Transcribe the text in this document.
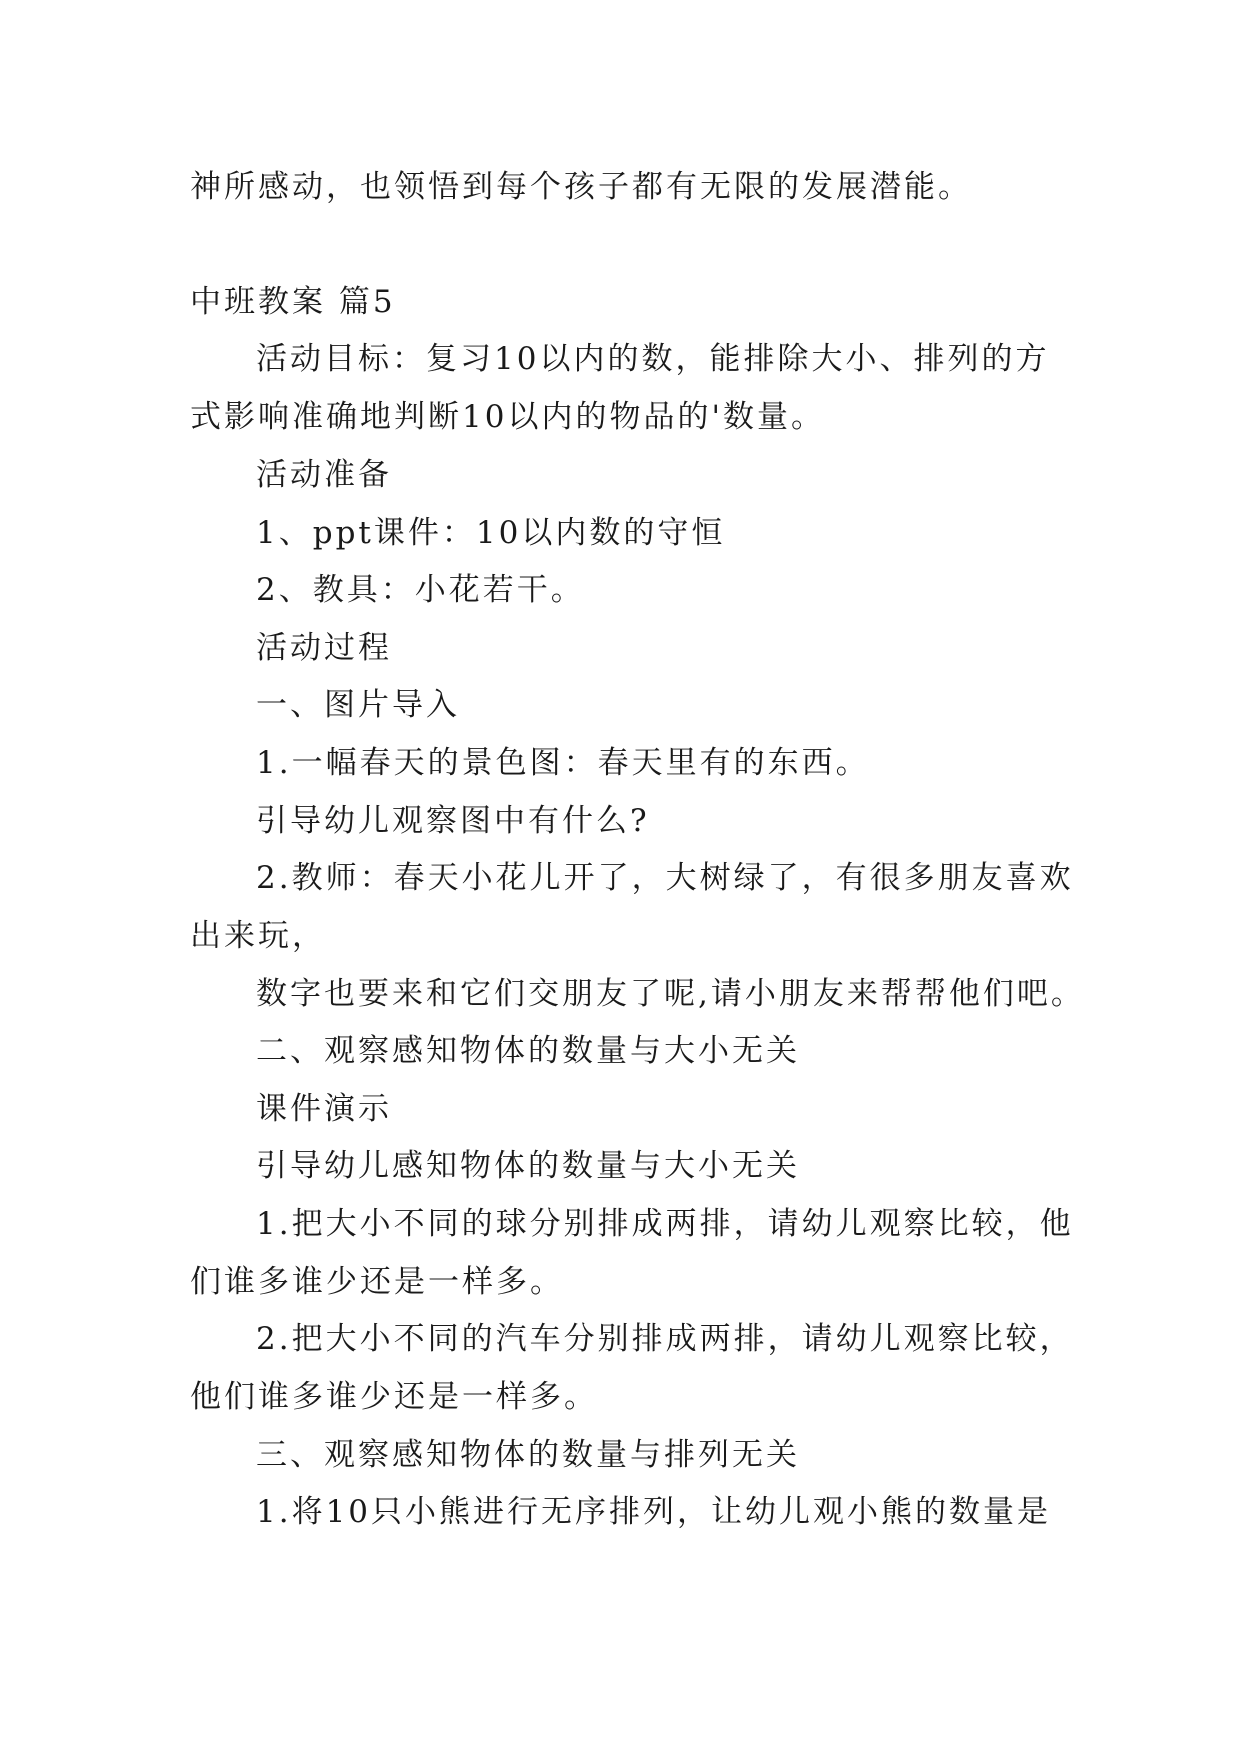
神所感动，也领悟到每个孩子都有无限的发展潜能。
中班教案 篇5
活动目标：复习10以内的数，能排除大小、排列的方
式影响准确地判断10以内的物品的'数量。
活动准备
1、ppt课件：10以内数的守恒
2、教具：小花若干。
活动过程
一、图片导入
1.一幅春天的景色图：春天里有的东西。
引导幼儿观察图中有什么?
2.教师：春天小花儿开了，大树绿了，有很多朋友喜欢
出来玩，
数字也要来和它们交朋友了呢,请小朋友来帮帮他们吧。
二、观察感知物体的数量与大小无关
课件演示
引导幼儿感知物体的数量与大小无关
1.把大小不同的球分别排成两排，请幼儿观察比较，他
们谁多谁少还是一样多。
2.把大小不同的汽车分别排成两排，请幼儿观察比较，
他们谁多谁少还是一样多。
三、观察感知物体的数量与排列无关
1.将10只小熊进行无序排列，让幼儿观小熊的数量是
